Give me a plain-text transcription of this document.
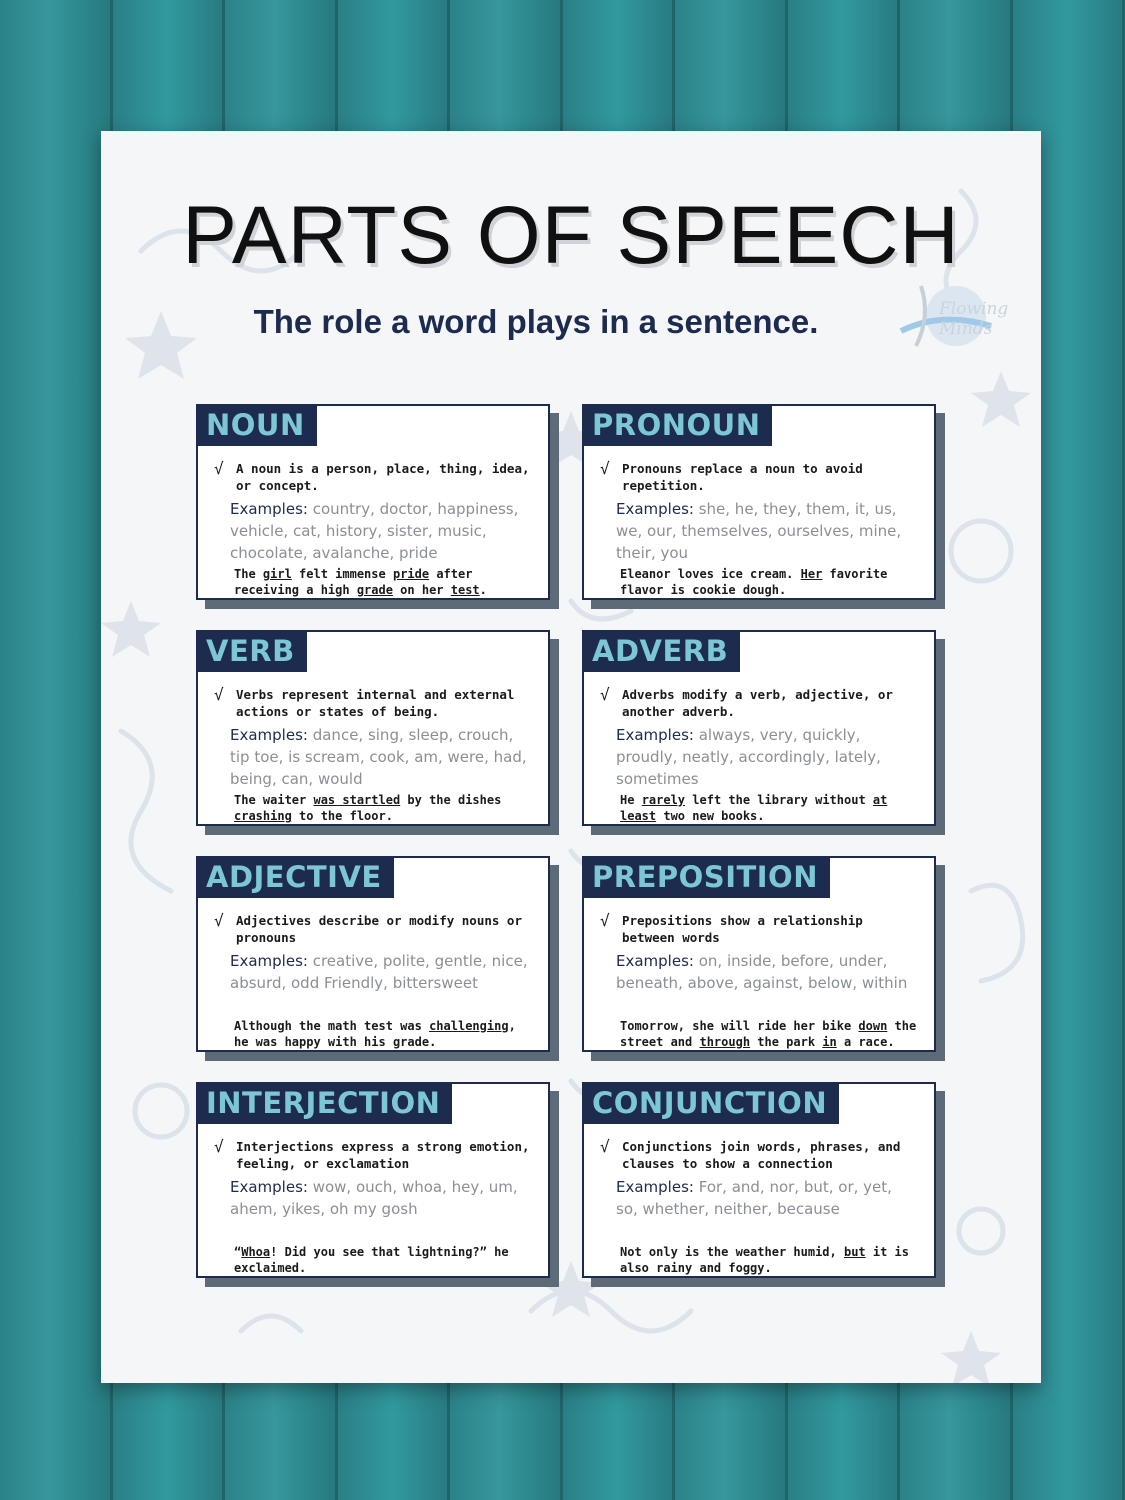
PARTS OF SPEECH
The role a word plays in a sentence.	Flowing Minds
NOUN
√ A noun is a person, place, thing, idea, or concept.
Examples: country, doctor, happiness, vehicle, cat, history, sister, music, chocolate, avalanche, pride
The girl felt immense pride after receiving a high grade on her test.
PRONOUN
√ Pronouns replace a noun to avoid repetition.
Examples: she, he, they, them, it, us, we, our, themselves, ourselves, mine, their, you
Eleanor loves ice cream. Her favorite flavor is cookie dough.
VERB
√ Verbs represent internal and external actions or states of being.
Examples: dance, sing, sleep, crouch, tip toe, is scream, cook, am, were, had, being, can, would
The waiter was startled by the dishes crashing to the floor.
ADVERB
√ Adverbs modify a verb, adjective, or another adverb.
Examples: always, very, quickly, proudly, neatly, accordingly, lately, sometimes
He rarely left the library without at least two new books.
ADJECTIVE
√ Adjectives describe or modify nouns or pronouns
Examples: creative, polite, gentle, nice, absurd, odd Friendly, bittersweet
Although the math test was challenging, he was happy with his grade.
PREPOSITION
√ Prepositions show a relationship between words
Examples: on, inside, before, under, beneath, above, against, below, within
Tomorrow, she will ride her bike down the street and through the park in a race.
INTERJECTION
√ Interjections express a strong emotion, feeling, or exclamation
Examples: wow, ouch, whoa, hey, um, ahem, yikes, oh my gosh
“Whoa! Did you see that lightning?” he exclaimed.
CONJUNCTION
√ Conjunctions join words, phrases, and clauses to show a connection
Examples: For, and, nor, but, or, yet, so, whether, neither, because
Not only is the weather humid, but it is also rainy and foggy.
